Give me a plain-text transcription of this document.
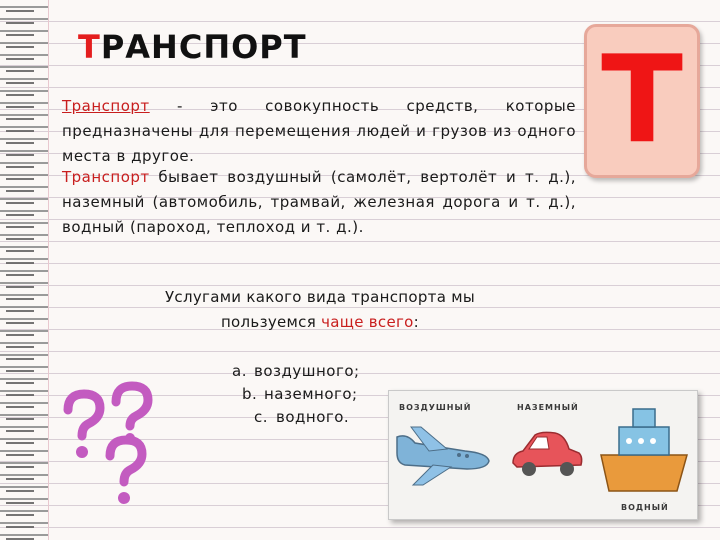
ТРАНСПОРТ Т

Транспорт - это совокупность средств, которые предназначены для перемещения людей и грузов из одного места в другое.

Транспорт бывает воздушный (самолёт, вертолёт и т. д.), наземный (автомобиль, трамвай, железная дорога и т. д.), водный (пароход, теплоход и т. д.).

Услугами какого вида транспорта мы
пользуемся чаще всего:

a. воздушного;
b. наземного;
c. водного.
ВОЗДУШНЫЙ	НАЗЕМНЫЙ
ВОДНЫЙ
